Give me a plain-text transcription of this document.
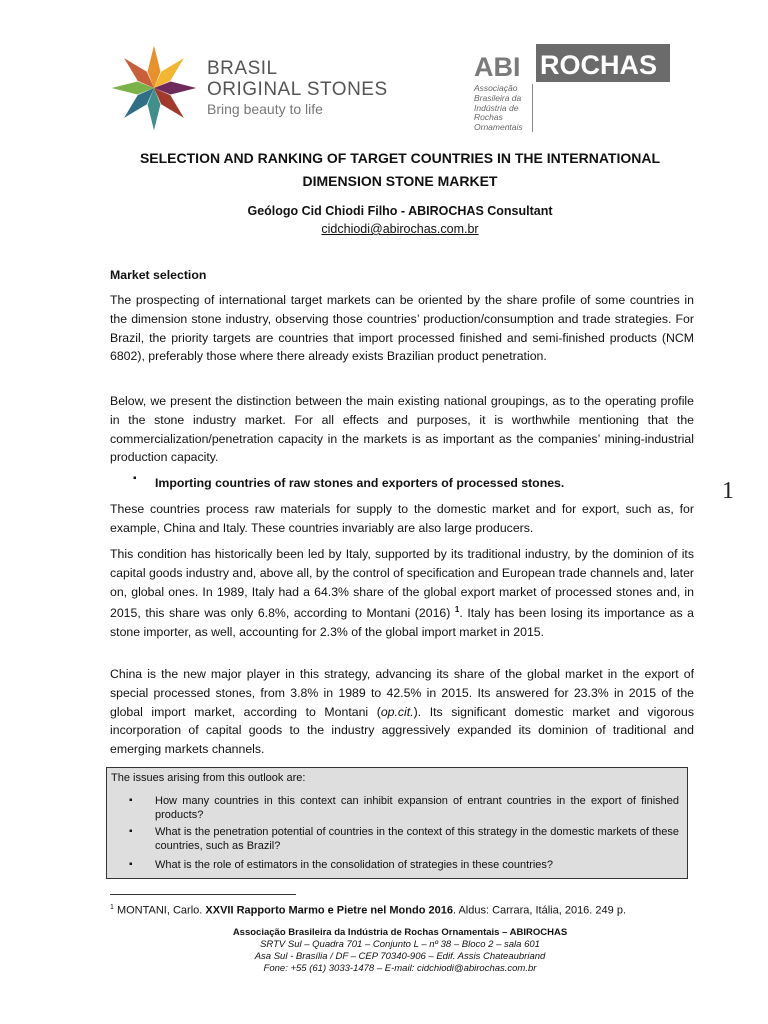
BRASIL
ORIGINAL STONES
Bring beauty to life
ABI ROCHAS
Associação
Brasileira da
Indústria de
Rochas
Ornamentais
SELECTION AND RANKING OF TARGET COUNTRIES IN THE INTERNATIONAL
DIMENSION STONE MARKET
Geólogo Cid Chiodi Filho - ABIROCHAS Consultant
cidchiodi@abirochas.com.br
Market selection
The prospecting of international target markets can be oriented by the share profile of some countries in the dimension stone industry, observing those countries’ production/consumption and trade strategies. For Brazil, the priority targets are countries that import processed finished and semi-finished products (NCM 6802), preferably those where there already exists Brazilian product penetration.
Below, we present the distinction between the main existing national groupings, as to the operating profile in the stone industry market. For all effects and purposes, it is worthwhile mentioning that the commercialization/penetration capacity in the markets is as important as the companies’ mining-industrial production capacity.
▪ Importing countries of raw stones and exporters of processed stones.
These countries process raw materials for supply to the domestic market and for export, such as, for example, China and Italy. These countries invariably are also large producers.
This condition has historically been led by Italy, supported by its traditional industry, by the dominion of its capital goods industry and, above all, by the control of specification and European trade channels and, later on, global ones. In 1989, Italy had a 64.3% share of the global export market of processed stones and, in 2015, this share was only 6.8%, according to Montani (2016) $^1$. Italy has been losing its importance as a stone importer, as well, accounting for 2.3% of the global import market in 2015.
China is the new major player in this strategy, advancing its share of the global market in the export of special processed stones, from 3.8% in 1989 to 42.5% in 2015. Its answered for 23.3% in 2015 of the global import market, according to Montani (op.cit.). Its significant domestic market and vigorous incorporation of capital goods to the industry aggressively expanded its dominion of traditional and emerging markets channels.
1
The issues arising from this outlook are:
▪ How many countries in this context can inhibit expansion of entrant countries in the export of finished products?
▪ What is the penetration potential of countries in the context of this strategy in the domestic markets of these countries, such as Brazil?
▪ What is the role of estimators in the consolidation of strategies in these countries?
$^1$ MONTANI, Carlo. XXVII Rapporto Marmo e Pietre nel Mondo 2016. Aldus: Carrara, Itália, 2016. 249 p.
Associação Brasileira da Indústria de Rochas Ornamentais – ABIROCHAS
SRTV Sul – Quadra 701 – Conjunto L – nº 38 – Bloco 2 – sala 601
Asa Sul - Brasília / DF – CEP 70340-906 – Edif. Assis Chateaubriand
Fone: +55 (61) 3033-1478 – E-mail: cidchiodi@abirochas.com.br
